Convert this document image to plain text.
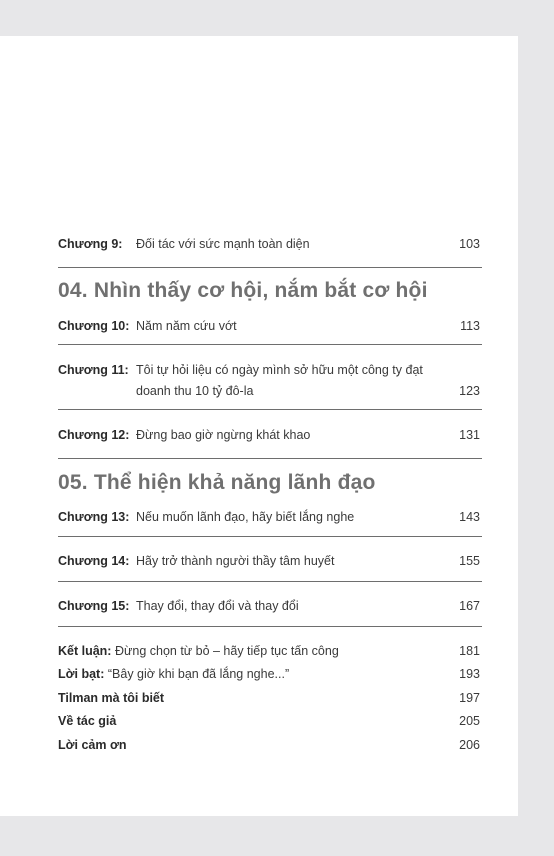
Chương 9: Đối tác với sức mạnh toàn diện	103
04. Nhìn thấy cơ hội, nắm bắt cơ hội
Chương 10: Năm năm cứu vớt	113
Chương 11: Tôi tự hỏi liệu có ngày mình sở hữu một công ty đạt doanh thu 10 tỷ đô-la	123
Chương 12: Đừng bao giờ ngừng khát khao	131
05. Thể hiện khả năng lãnh đạo
Chương 13: Nếu muốn lãnh đạo, hãy biết lắng nghe	143
Chương 14: Hãy trở thành người thầy tâm huyết	155
Chương 15: Thay đổi, thay đổi và thay đổi	167
Kết luận: Đừng chọn từ bỏ – hãy tiếp tục tấn công	181
Lời bạt: “Bây giờ khi bạn đã lắng nghe...”	193
Tilman mà tôi biết	197
Về tác giả	205
Lời cảm ơn	206
